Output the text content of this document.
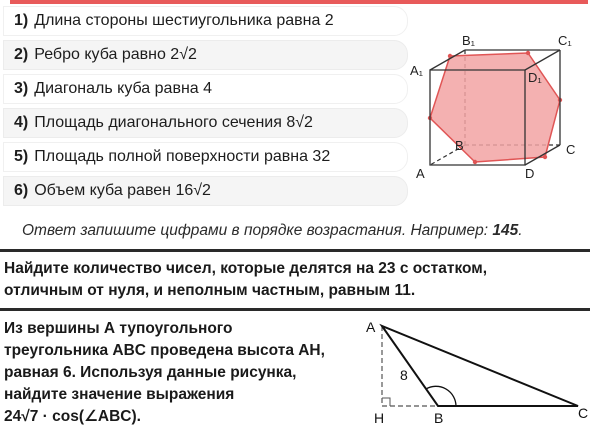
1) Длина стороны шестиугольника равна 2
2) Ребро куба равно 2√2
3) Диагональ куба равна 4
4) Площадь диагонального сечения 8√2
5) Площадь полной поверхности равна 32
6) Объем куба равен 16√2
B₁	C₁
A₁	D₁
B	C
A	D
Ответ запишите цифрами в порядке возрастания. Например: 145.
Найдите количество чисел, которые делятся на 23 с остатком,
отличным от нуля, и неполным частным, равным 11.
Из вершины А тупоугольного
треугольника ABC проведена высота AH,
равная 6. Используя данные рисунка,
найдите значение выражения
24√7 · cos(∠ABC).
A
H	B	C
8
